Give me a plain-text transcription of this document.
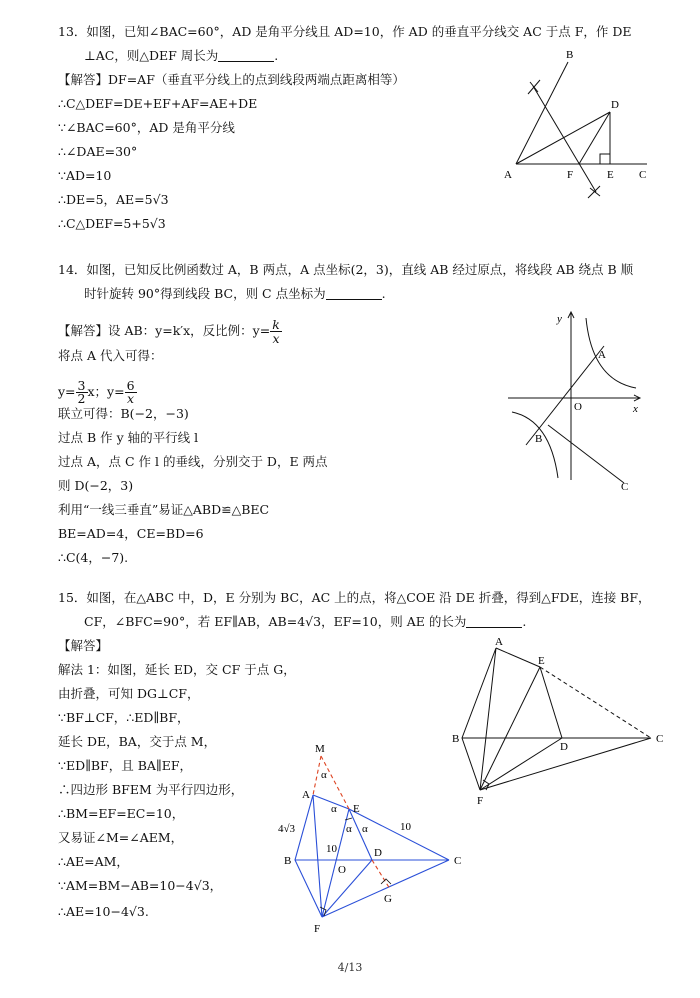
13．如图，已知∠BAC=60°，AD 是角平分线且 AD=10，作 AD 的垂直平分线交 AC 于点 F，作 DE
⊥AC，则△DEF 周长为	.
【解答】DF=AF（垂直平分线上的点到线段两端点距离相等）
∴C△DEF=DE+EF+AF=AE+DE
∵∠BAC=60°，AD 是角平分线
∴∠DAE=30°
∵AD=10
∴DE=5，AE=5√3
∴C△DEF=5+5√3
A
B
C
D
E
F
14．如图，已知反比例函数过 A，B 两点，A 点坐标(2，3)，直线 AB 经过原点，将线段 AB 绕点 B 顺
时针旋转 90°得到线段 BC，则 C 点坐标为	.
【解答】设 AB：y=k′x，反比例：$y= \frac{k}{x}$
将点 A 代入可得：
$y= \frac{3}{2}$ x；$y= \frac{6}{x}$
联立可得：B(−2，−3)
过点 B 作 y 轴的平行线 l
过点 A，点 C 作 l 的垂线，分别交于 D，E 两点
则 D(−2，3)
利用“一线三垂直”易证△ABD≌△BEC
BE=AD=4，CE=BD=6
∴C(4，−7).
y
x
O
A
B
C
15．如图，在△ABC 中，D，E 分别为 BC，AC 上的点，将△COE 沿 DE 折叠，得到△FDE，连接 BF，
CF，∠BFC=90°，若 EF∥AB，AB=4√3，EF=10，则 AE 的长为	.
【解答】
解法 1：如图，延长 ED，交 CF 于点 G，
由折叠，可知 DG⊥CF，
∵BF⊥CF，∴ED∥BF，
延长 DE，BA，交于点 M，
∵ED∥BF，且 BA∥EF，
∴四边形 BFEM 为平行四边形，
∴BM=EF=EC=10，
又易证∠M=∠AEM，
∴AE=AM，
∵AM=BM−AB=10−4√3，
∴AE=10−4√3.
A
B	C
D
E
F
M
A
B	C
D
E
F
G
O
α
α
α α
4√3
10
10
4/13
